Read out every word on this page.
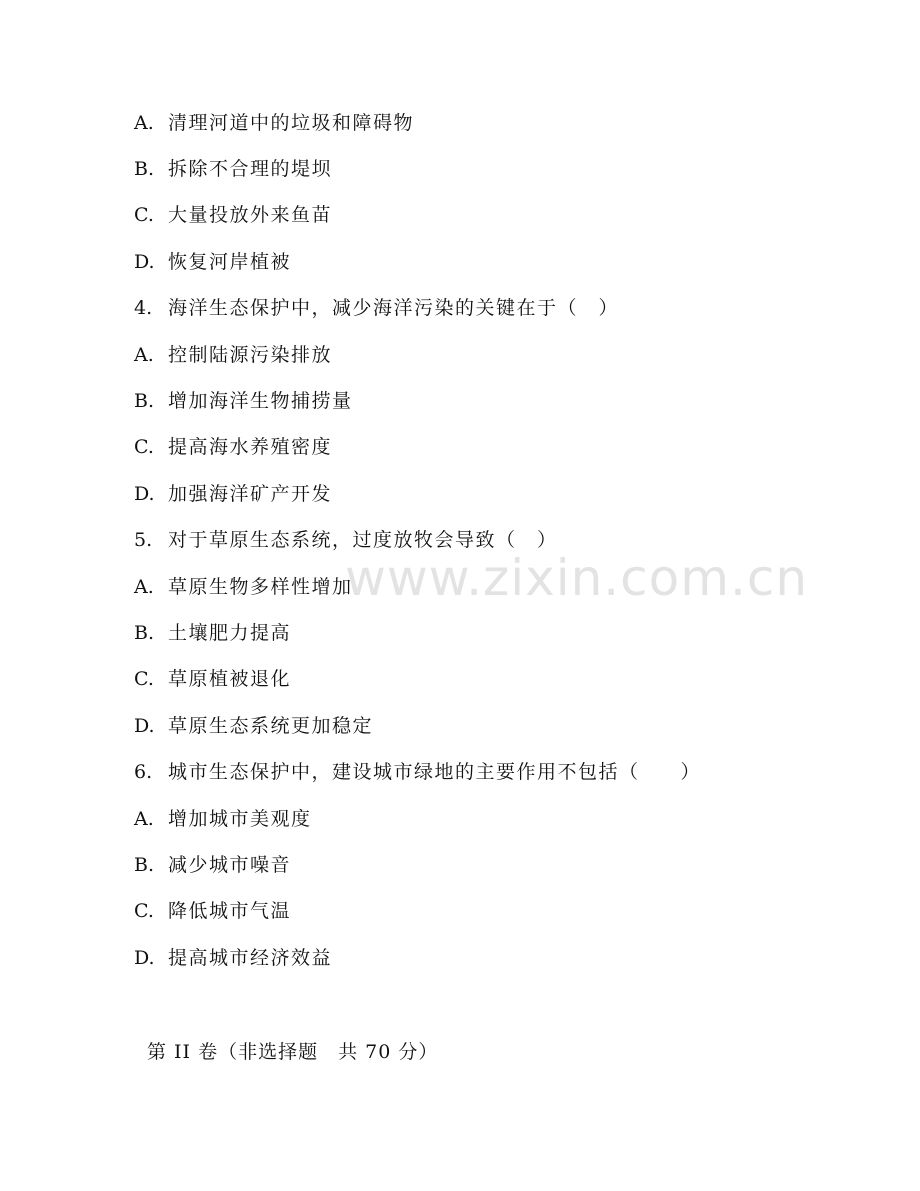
www.zixin.com.cn
A. 清理河道中的垃圾和障碍物
B. 拆除不合理的堤坝
C. 大量投放外来鱼苗
D. 恢复河岸植被
4. 海洋生态保护中，减少海洋污染的关键在于（　）
A. 控制陆源污染排放
B. 增加海洋生物捕捞量
C. 提高海水养殖密度
D. 加强海洋矿产开发
5. 对于草原生态系统，过度放牧会导致（　）
A. 草原生物多样性增加
B. 土壤肥力提高
C. 草原植被退化
D. 草原生态系统更加稳定
6. 城市生态保护中，建设城市绿地的主要作用不包括（　　）
A. 增加城市美观度
B. 减少城市噪音
C. 降低城市气温
D. 提高城市经济效益
第 II 卷（非选择题　共 70 分）
